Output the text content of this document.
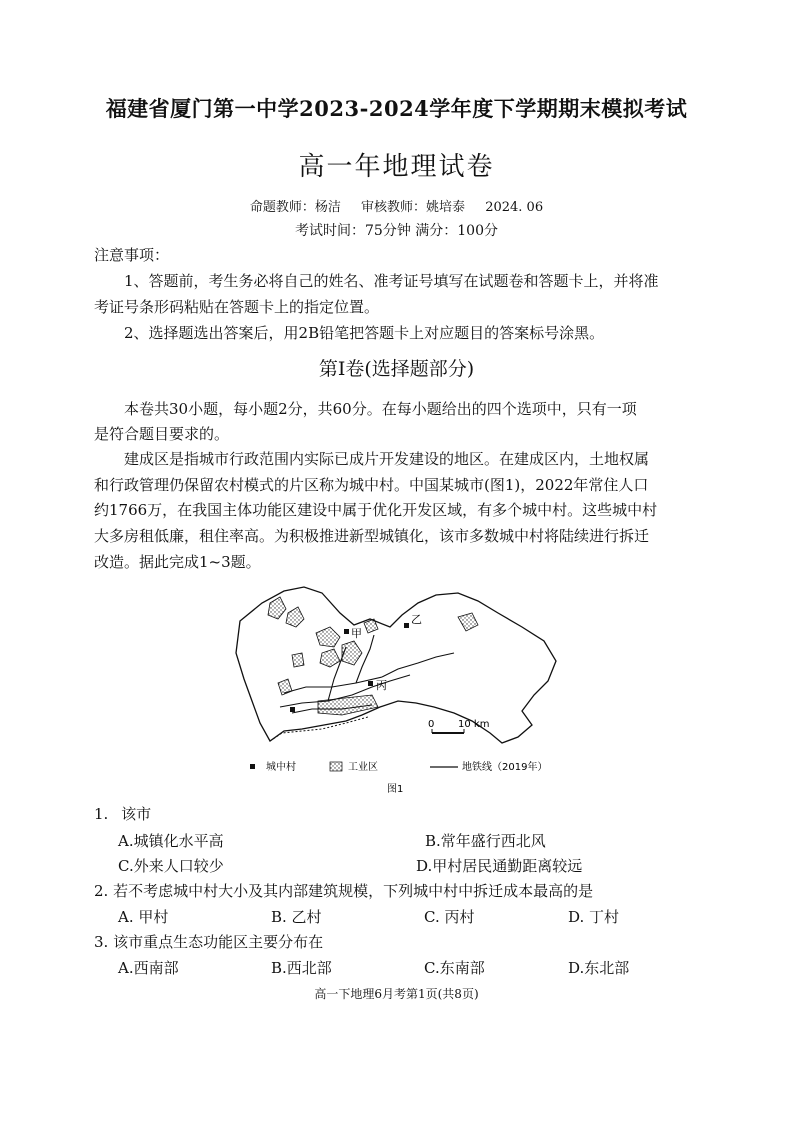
福建省厦门第一中学2023-2024学年度下学期期末模拟考试
高一年地理试卷
命题教师：杨洁 审核教师：姚培泰 2024. 06
考试时间：75分钟 满分：100分
注意事项：
1、答题前，考生务必将自己的姓名、准考证号填写在试题卷和答题卡上，并将准
考证号条形码粘贴在答题卡上的指定位置。
2、选择题选出答案后，用2B铅笔把答题卡上对应题目的答案标号涂黑。
第Ⅰ卷(选择题部分)
本卷共30小题，每小题2分，共60分。在每小题给出的四个选项中，只有一项
是符合题目要求的。
建成区是指城市行政范围内实际已成片开发建设的地区。在建成区内，土地权属
和行政管理仍保留农村模式的片区称为城中村。中国某城市(图1)，2022年常住人口
约1766万，在我国主体功能区建设中属于优化开发区域，有多个城中村。这些城中村
大多房租低廉，租住率高。为积极推进新型城镇化，该市多数城中村将陆续进行拆迁
改造。据此完成1~3题。
甲
乙
丙
0 10 km
城中村	工业区	地铁线（2019年）
图1
1. 该市
A.城镇化水平高	B.常年盛行西北风
C.外来人口较少	D.甲村居民通勤距离较远
2. 若不考虑城中村大小及其内部建筑规模，下列城中村中拆迁成本最高的是
A. 甲村	B. 乙村	C. 丙村	D. 丁村
3. 该市重点生态功能区主要分布在
A.西南部	B.西北部	C.东南部	D.东北部
高一下地理6月考第1页(共8页)
